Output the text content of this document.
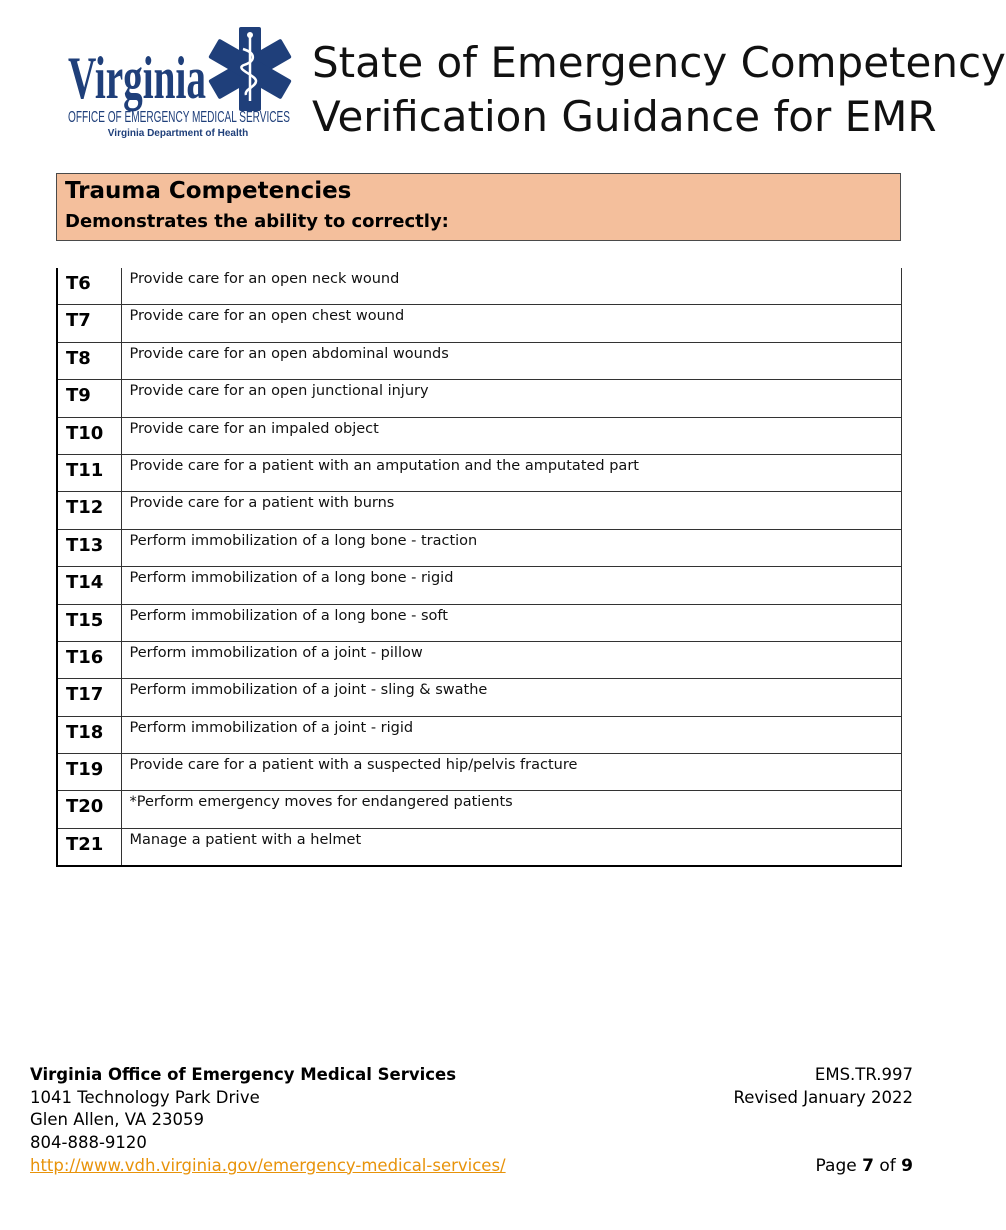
Virginia
OFFICE OF EMERGENCY MEDICAL SERVICES
Virginia Department of Health
State of Emergency Competency
Verification Guidance for EMR
Trauma Competencies
Demonstrates the ability to correctly:
T6	Provide care for an open neck wound
T7	Provide care for an open chest wound
T8	Provide care for an open abdominal wounds
T9	Provide care for an open junctional injury
T10	Provide care for an impaled object
T11	Provide care for a patient with an amputation and the amputated part
T12	Provide care for a patient with burns
T13	Perform immobilization of a long bone - traction
T14	Perform immobilization of a long bone - rigid
T15	Perform immobilization of a long bone - soft
T16	Perform immobilization of a joint - pillow
T17	Perform immobilization of a joint - sling & swathe
T18	Perform immobilization of a joint - rigid
T19	Provide care for a patient with a suspected hip/pelvis fracture
T20	*Perform emergency moves for endangered patients
T21	Manage a patient with a helmet
Virginia Office of Emergency Medical Services
1041 Technology Park Drive
Glen Allen, VA 23059
804-888-9120
http://www.vdh.virginia.gov/emergency-medical-services/
EMS.TR.997
Revised January 2022
Page 7 of 9
